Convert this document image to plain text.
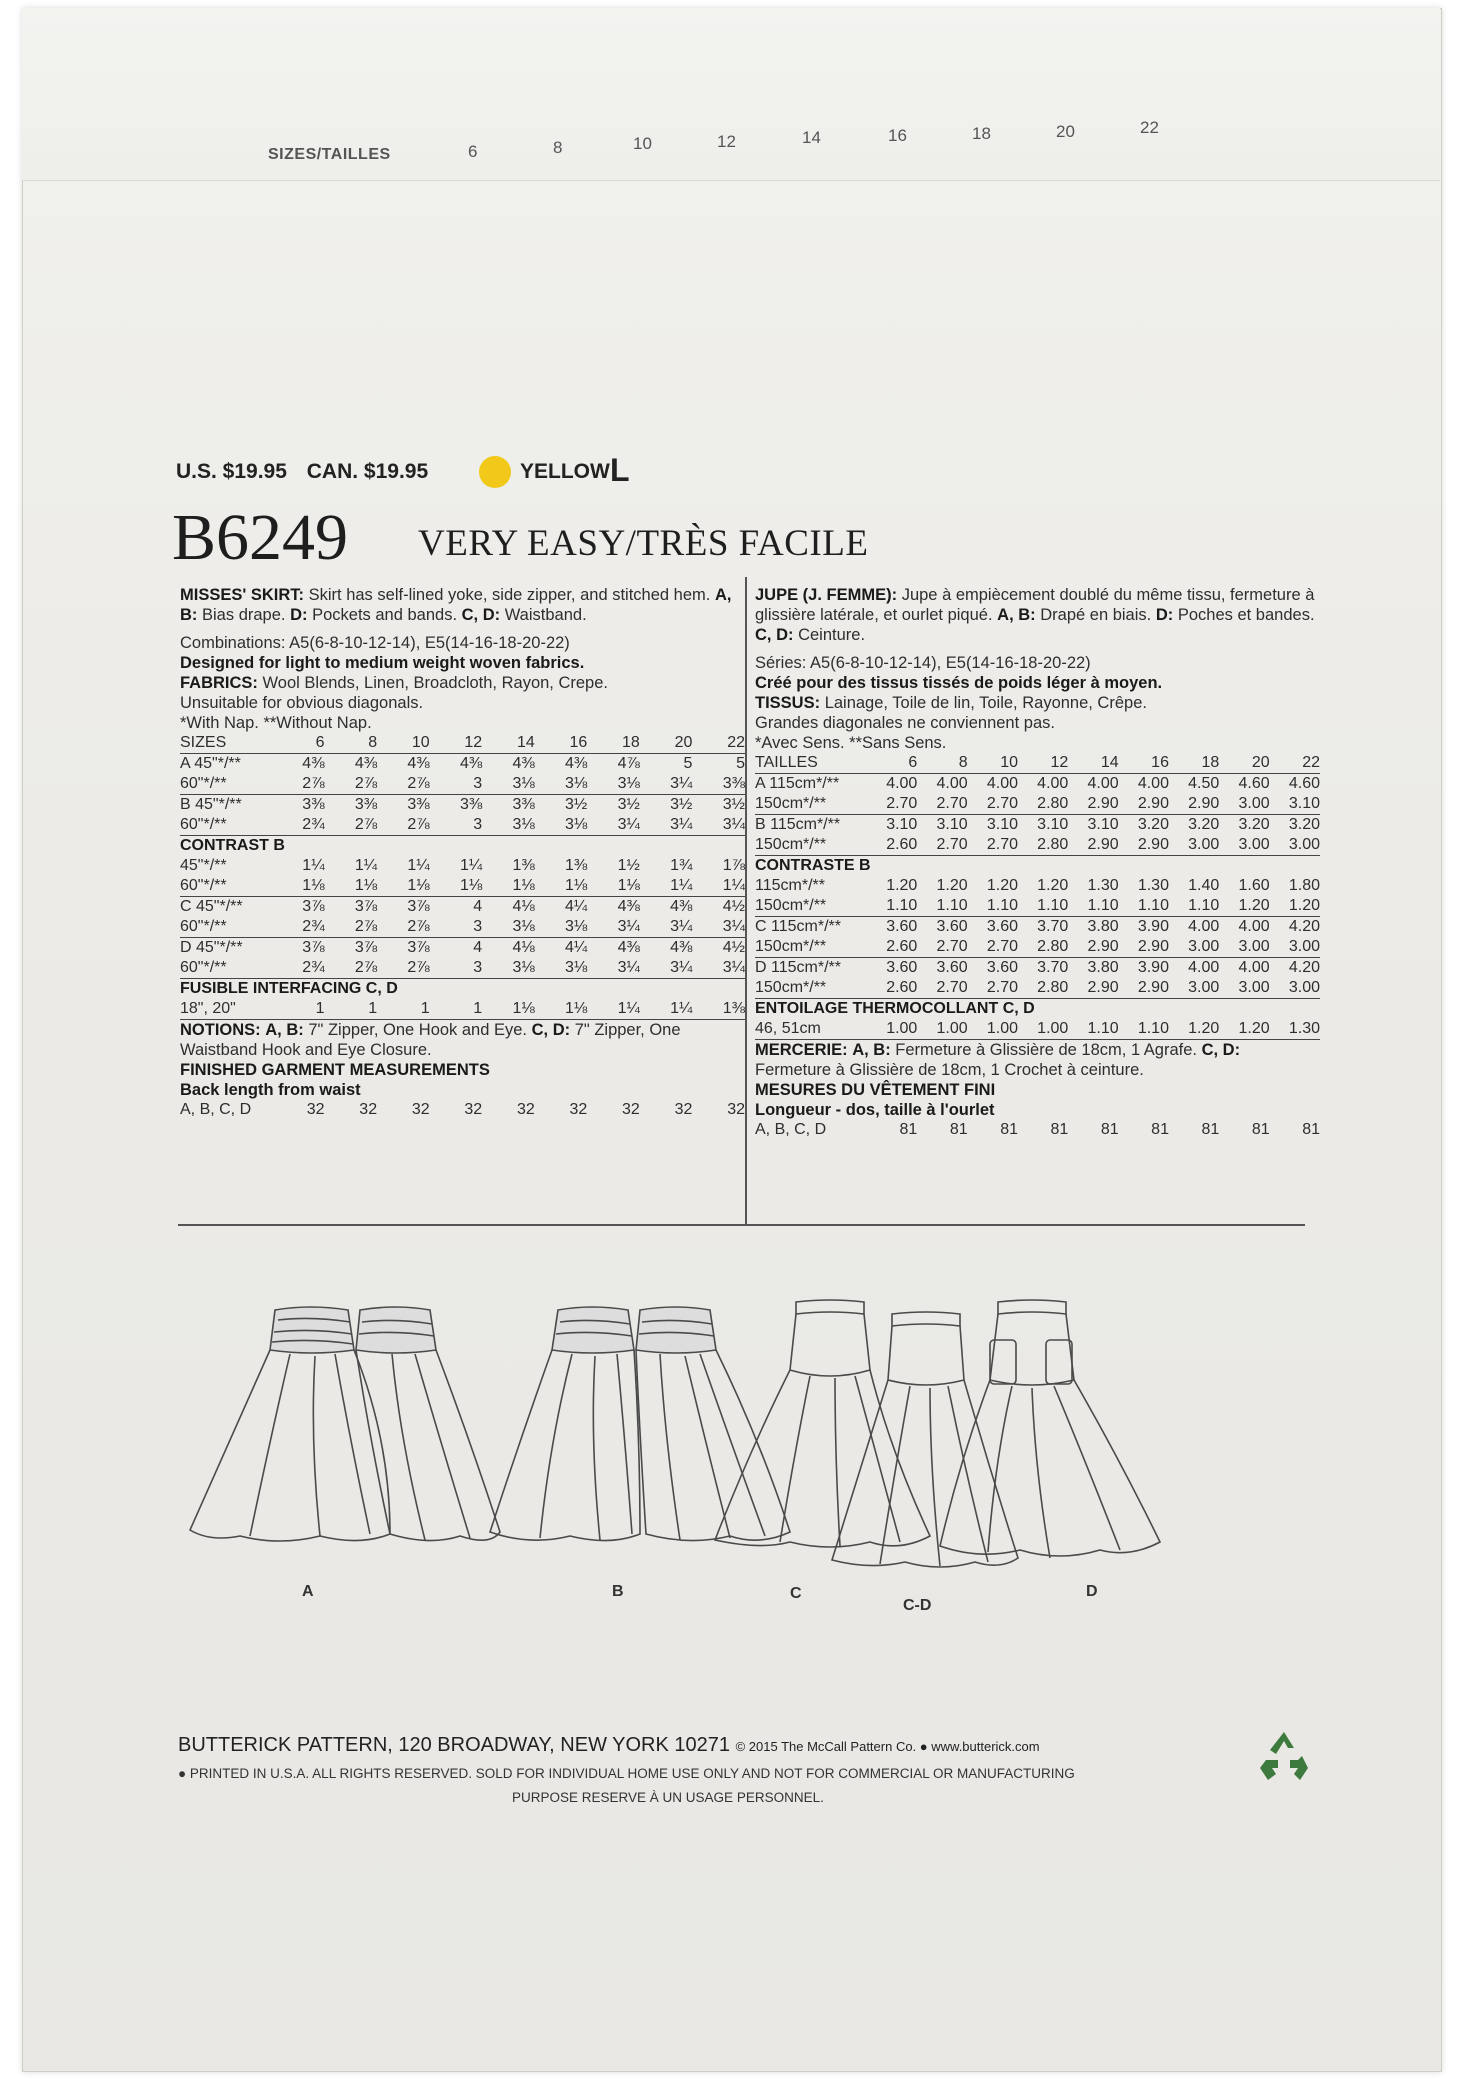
SIZES/TAILLES	6	8	10	12	14	16	18	20	22
U.S. $19.95 CAN. $19.95	YELLOW L
B6249 VERY EASY/TRÈS FACILE

MISSES' SKIRT: Skirt has self-lined yoke, side zipper, and stitched hem. A, B: Bias drape. D: Pockets and bands. C, D: Waistband.

Combinations: A5(6-8-10-12-14), E5(14-16-18-20-22)

Designed for light to medium weight woven fabrics.

FABRICS: Wool Blends, Linen, Broadcloth, Rayon, Crepe.

Unsuitable for obvious diagonals.

*With Nap. **Without Nap.

SIZES	6	8	10	12	14	16	18	20	22
A 45"*/**	4⅜	4⅜	4⅜	4⅜	4⅜	4⅜	4⅞	5	5
60"*/**	2⅞	2⅞	2⅞	3	3⅛	3⅛	3⅛	3¼	3⅜
B 45"*/**	3⅜	3⅜	3⅜	3⅜	3⅜	3½	3½	3½	3½
60"*/**	2¾	2⅞	2⅞	3	3⅛	3⅛	3¼	3¼	3¼
CONTRAST B									
45"*/**	1¼	1¼	1¼	1¼	1⅜	1⅜	1½	1¾	1⅞
60"*/**	1⅛	1⅛	1⅛	1⅛	1⅛	1⅛	1⅛	1¼	1¼
C 45"*/**	3⅞	3⅞	3⅞	4	4⅛	4¼	4⅜	4⅜	4½
60"*/**	2¾	2⅞	2⅞	3	3⅛	3⅛	3¼	3¼	3¼
D 45"*/**	3⅞	3⅞	3⅞	4	4⅛	4¼	4⅜	4⅜	4½
60"*/**	2¾	2⅞	2⅞	3	3⅛	3⅛	3¼	3¼	3¼
FUSIBLE INTERFACING C, D									
18", 20"	1	1	1	1	1⅛	1⅛	1¼	1¼	1⅜

NOTIONS: A, B: 7" Zipper, One Hook and Eye. C, D: 7" Zipper, One Waistband Hook and Eye Closure.

FINISHED GARMENT MEASUREMENTS

Back length from waist

A, B, C, D	32	32	32	32	32	32	32	32	32

JUPE (J. FEMME): Jupe à empiècement doublé du même tissu, fermeture à glissière latérale, et ourlet piqué. A, B: Drapé en biais. D: Poches et bandes. C, D: Ceinture.

Séries: A5(6-8-10-12-14), E5(14-16-18-20-22)

Créé pour des tissus tissés de poids léger à moyen.

TISSUS: Lainage, Toile de lin, Toile, Rayonne, Crêpe.

Grandes diagonales ne conviennent pas.

*Avec Sens. **Sans Sens.

TAILLES	6	8	10	12	14	16	18	20	22
A 115cm*/**	4.00	4.00	4.00	4.00	4.00	4.00	4.50	4.60	4.60
150cm*/**	2.70	2.70	2.70	2.80	2.90	2.90	2.90	3.00	3.10
B 115cm*/**	3.10	3.10	3.10	3.10	3.10	3.20	3.20	3.20	3.20
150cm*/**	2.60	2.70	2.70	2.80	2.90	2.90	3.00	3.00	3.00
CONTRASTE B									
115cm*/**	1.20	1.20	1.20	1.20	1.30	1.30	1.40	1.60	1.80
150cm*/**	1.10	1.10	1.10	1.10	1.10	1.10	1.10	1.20	1.20
C 115cm*/**	3.60	3.60	3.60	3.70	3.80	3.90	4.00	4.00	4.20
150cm*/**	2.60	2.70	2.70	2.80	2.90	2.90	3.00	3.00	3.00
D 115cm*/**	3.60	3.60	3.60	3.70	3.80	3.90	4.00	4.00	4.20
150cm*/**	2.60	2.70	2.70	2.80	2.90	2.90	3.00	3.00	3.00
ENTOILAGE THERMOCOLLANT C, D									
46, 51cm	1.00	1.00	1.00	1.00	1.10	1.10	1.20	1.20	1.30

MERCERIE: A, B: Fermeture à Glissière de 18cm, 1 Agrafe. C, D: Fermeture à Glissière de 18cm, 1 Crochet à ceinture.

MESURES DU VÊTEMENT FINI

Longueur - dos, taille à l'ourlet

A, B, C, D	81	81	81	81	81	81	81	81	81
A	B	C
C-D
D
BUTTERICK PATTERN, 120 BROADWAY, NEW YORK 10271 © 2015 The McCall Pattern Co. ● www.butterick.com
● PRINTED IN U.S.A. ALL RIGHTS RESERVED. SOLD FOR INDIVIDUAL HOME USE ONLY AND NOT FOR COMMERCIAL OR MANUFACTURING
PURPOSE RESERVE À UN USAGE PERSONNEL.
